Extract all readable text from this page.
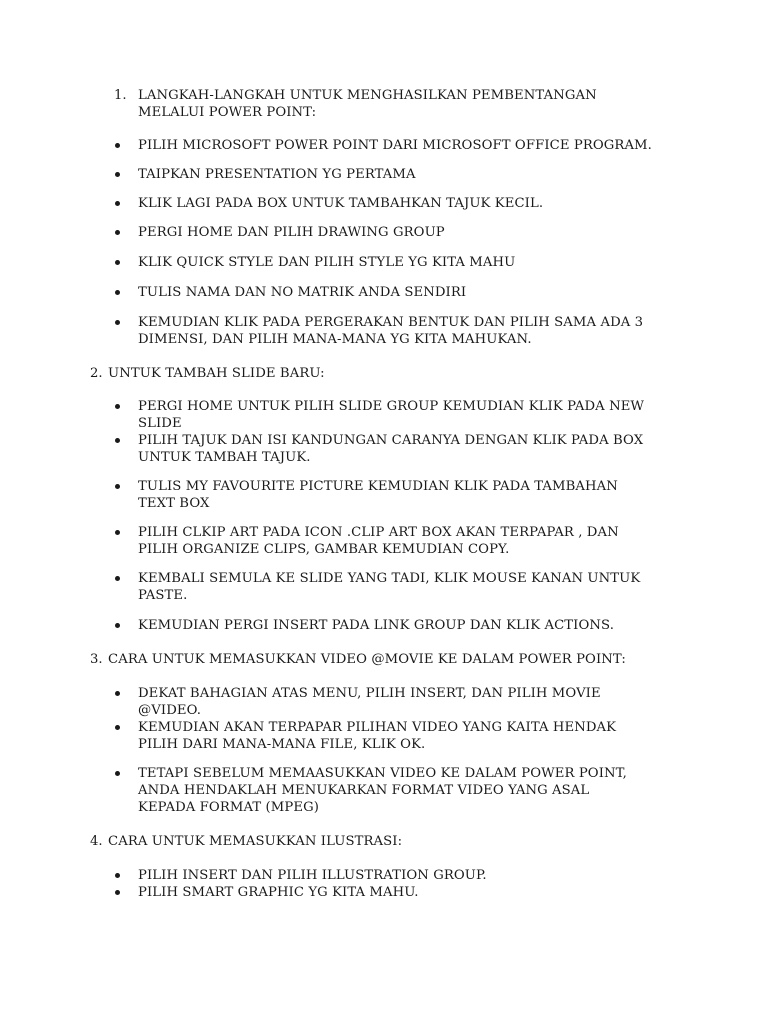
1. LANGKAH-LANGKAH UNTUK MENGHASILKAN PEMBENTANGAN
MELALUI POWER POINT:
PILIH MICROSOFT POWER POINT DARI MICROSOFT OFFICE PROGRAM.
TAIPKAN PRESENTATION YG PERTAMA
KLIK LAGI PADA BOX UNTUK TAMBAHKAN TAJUK KECIL.
PERGI HOME DAN PILIH DRAWING GROUP
KLIK QUICK STYLE DAN PILIH STYLE YG KITA MAHU
TULIS NAMA DAN NO MATRIK ANDA SENDIRI
KEMUDIAN KLIK PADA PERGERAKAN BENTUK DAN PILIH SAMA ADA 3
DIMENSI, DAN PILIH MANA-MANA YG KITA MAHUKAN.
2. UNTUK TAMBAH SLIDE BARU:
PERGI HOME UNTUK PILIH SLIDE GROUP KEMUDIAN KLIK PADA NEW
SLIDE
PILIH TAJUK DAN ISI KANDUNGAN CARANYA DENGAN KLIK PADA BOX
UNTUK TAMBAH TAJUK.
TULIS MY FAVOURITE PICTURE KEMUDIAN KLIK PADA TAMBAHAN
TEXT BOX
PILIH CLKIP ART PADA ICON .CLIP ART BOX AKAN TERPAPAR , DAN
PILIH ORGANIZE CLIPS, GAMBAR KEMUDIAN COPY.
KEMBALI SEMULA KE SLIDE YANG TADI, KLIK MOUSE KANAN UNTUK
PASTE.
KEMUDIAN PERGI INSERT PADA LINK GROUP DAN KLIK ACTIONS.
3. CARA UNTUK MEMASUKKAN VIDEO @MOVIE KE DALAM POWER POINT:
DEKAT BAHAGIAN ATAS MENU, PILIH INSERT, DAN PILIH MOVIE
@VIDEO.
KEMUDIAN AKAN TERPAPAR PILIHAN VIDEO YANG KAITA HENDAK
PILIH DARI MANA-MANA FILE, KLIK OK.
TETAPI SEBELUM MEMAASUKKAN VIDEO KE DALAM POWER POINT,
ANDA HENDAKLAH MENUKARKAN FORMAT VIDEO YANG ASAL
KEPADA FORMAT (MPEG)
4. CARA UNTUK MEMASUKKAN ILUSTRASI:
PILIH INSERT DAN PILIH ILLUSTRATION GROUP.
PILIH SMART GRAPHIC YG KITA MAHU.
